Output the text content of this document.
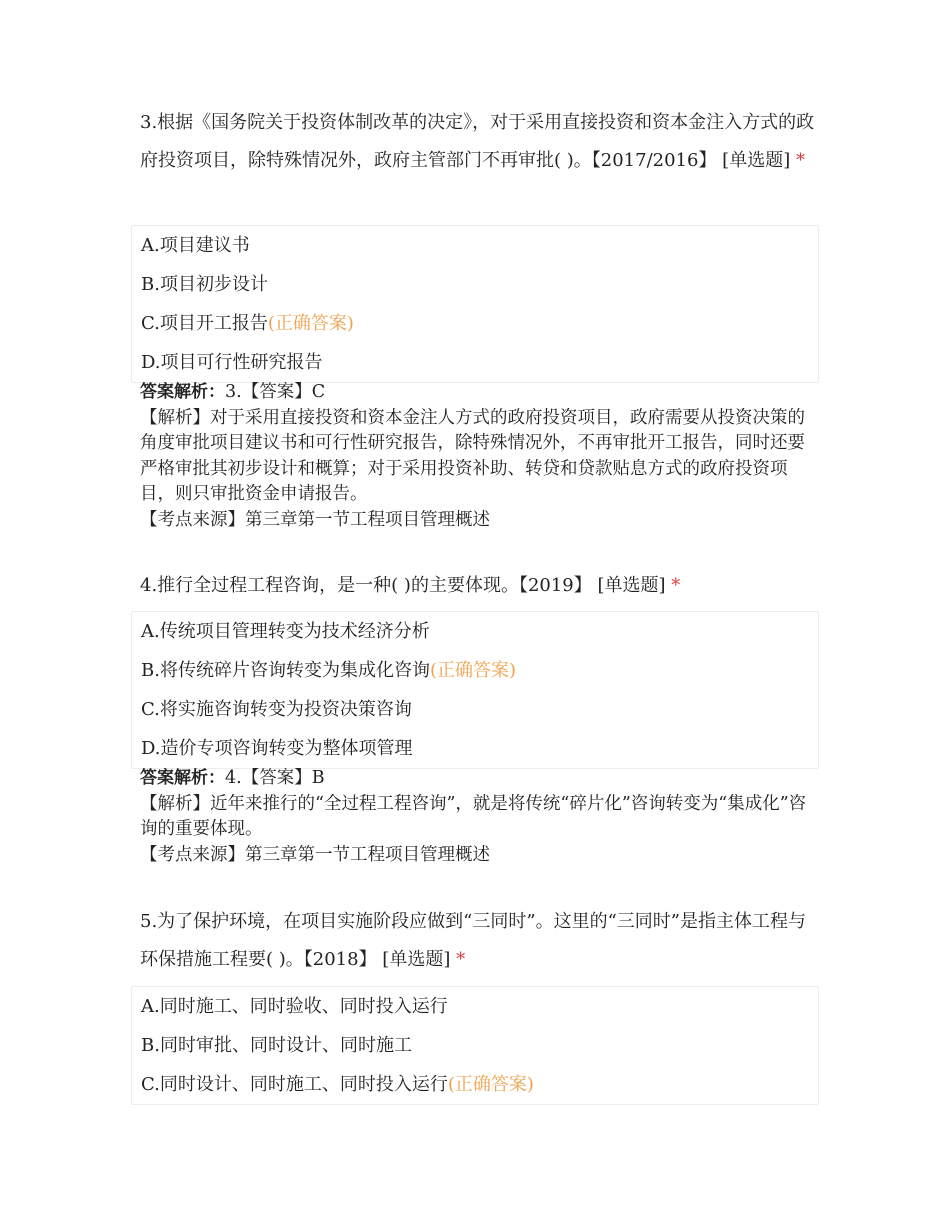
3.根据《国务院关于投资体制改革的决定》，对于采用直接投资和资本金注入方式的政府投资项目，除特殊情况外，政府主管部门不再审批( )。【2017/2016】 [单选题] *
A.项目建议书
B.项目初步设计
C.项目开工报告(正确答案)
D.项目可行性研究报告

答案解析：3.【答案】C

【解析】对于采用直接投资和资本金注人方式的政府投资项目，政府需要从投资决策的角度审批项目建议书和可行性研究报告，除特殊情况外，不再审批开工报告，同时还要严格审批其初步设计和概算；对于采用投资补助、转贷和贷款贴息方式的政府投资项目，则只审批资金申请报告。

【考点来源】第三章第一节工程项目管理概述

4.推行全过程工程咨询，是一种( )的主要体现。【2019】 [单选题] *
A.传统项目管理转变为技术经济分析
B.将传统碎片咨询转变为集成化咨询(正确答案)
C.将实施咨询转变为投资决策咨询
D.造价专项咨询转变为整体项管理

答案解析：4.【答案】B

【解析】近年来推行的“全过程工程咨询”，就是将传统“碎片化”咨询转变为“集成化”咨询的重要体现。

【考点来源】第三章第一节工程项目管理概述

5.为了保护环境，在项目实施阶段应做到“三同时”。这里的“三同时”是指主体工程与环保措施工程要( )。【2018】 [单选题] *
A.同时施工、同时验收、同时投入运行
B.同时审批、同时设计、同时施工
C.同时设计、同时施工、同时投入运行(正确答案)
